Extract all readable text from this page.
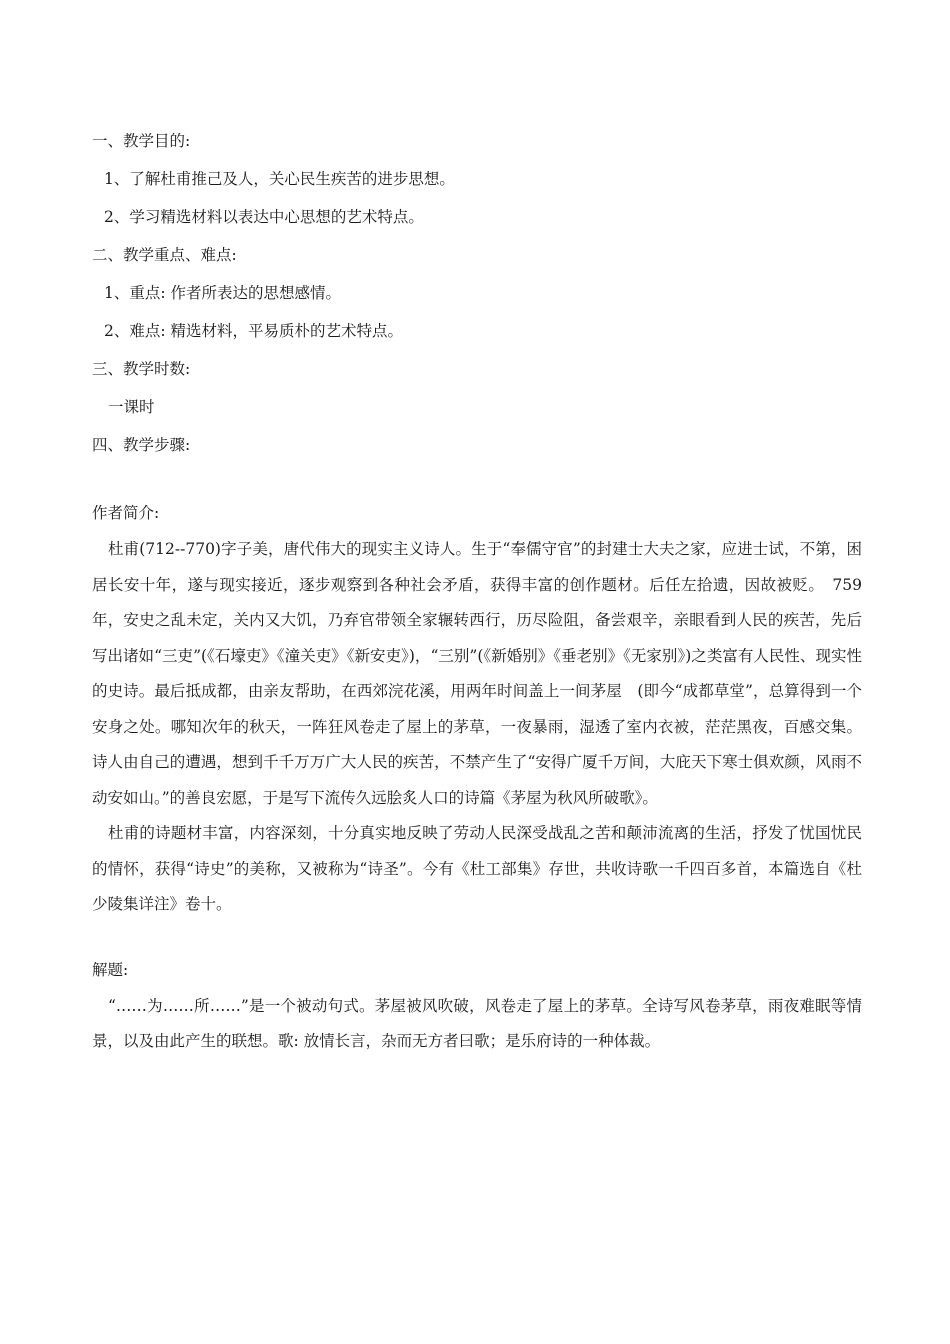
一、教学目的:
1、了解杜甫推己及人，关心民生疾苦的进步思想。
2、学习精选材料以表达中心思想的艺术特点。
二、教学重点、难点:
1、重点: 作者所表达的思想感情。
2、难点: 精选材料，平易质朴的艺术特点。
三、教学时数:
一课时
四、教学步骤:
作者简介:

杜甫(712--770)字子美，唐代伟大的现实主义诗人。生于“奉儒守官”的封建士大夫之家，应进士试，不第，困居长安十年，遂与现实接近，逐步观察到各种社会矛盾，获得丰富的创作题材。后任左拾遗，因故被贬。　759 年，安史之乱未定，关内又大饥，乃弃官带领全家辗转西行，历尽险阻，备尝艰辛，亲眼看到人民的疾苦，先后写出诸如“三吏”(《石壕吏》《潼关吏》《新安吏》)，“三别”(《新婚别》《垂老别》《无家别》)之类富有人民性、现实性的史诗。最后抵成都，由亲友帮助，在西郊浣花溪，用两年时间盖上一间茅屋　(即今“成都草堂”，总算得到一个安身之处。哪知次年的秋天，一阵狂风卷走了屋上的茅草，一夜暴雨，湿透了室内衣被，茫茫黑夜，百感交集。诗人由自己的遭遇，想到千千万万广大人民的疾苦，不禁产生了“安得广厦千万间，大庇天下寒士俱欢颜，风雨不动安如山。”的善良宏愿，于是写下流传久远脍炙人口的诗篇《茅屋为秋风所破歌》。

杜甫的诗题材丰富，内容深刻，十分真实地反映了劳动人民深受战乱之苦和颠沛流离的生活，抒发了忧国忧民的情怀，获得“诗史”的美称，又被称为“诗圣”。今有《杜工部集》存世，共收诗歌一千四百多首，本篇选自《杜少陵集详注》卷十。

解题:

“……为……所……”是一个被动句式。茅屋被风吹破，风卷走了屋上的茅草。全诗写风卷茅草，雨夜难眠等情景，以及由此产生的联想。歌: 放情长言，杂而无方者曰歌；是乐府诗的一种体裁。
